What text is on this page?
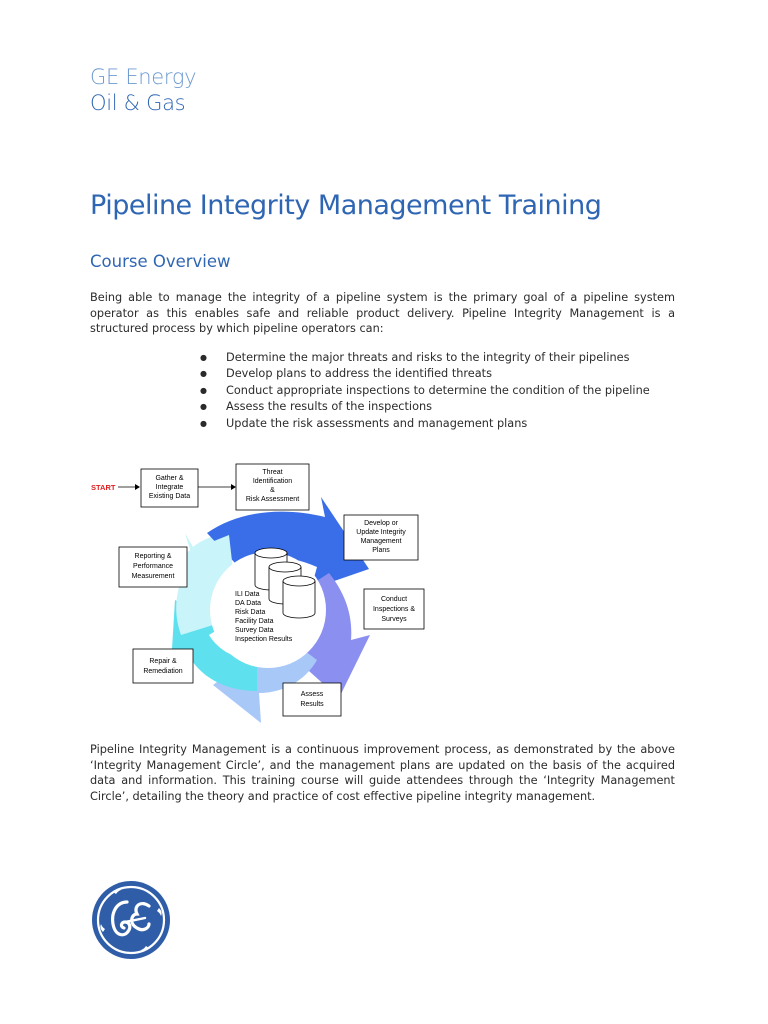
GE Energy
Oil & Gas
Pipeline Integrity Management Training
Course Overview

Being able to manage the integrity of a pipeline system is the primary goal of a pipeline system operator as this enables safe and reliable product delivery. Pipeline Integrity Management is a structured process by which pipeline operators can:

● Determine the major threats and risks to the integrity of their pipelines
● Develop plans to address the identified threats
● Conduct appropriate inspections to determine the condition of the pipeline
● Assess the results of the inspections
● Update the risk assessments and management plans
ILI Data
DA Data
Risk Data
Facility Data
Survey Data
Inspection Results
START
Gather &
Integrate
Existing Data
Threat
Identification
&
Risk Assessment
Develop or
Update Integrity
Management
Plans
Conduct
Inspections &
Surveys
Assess
Results
Repair &
Remediation
Reporting &
Performance
Measurement

Pipeline Integrity Management is a continuous improvement process, as demonstrated by the above ‘Integrity Management Circle’, and the management plans are updated on the basis of the acquired data and information. This training course will guide attendees through the ‘Integrity Management Circle’, detailing the theory and practice of cost effective pipeline integrity management.
